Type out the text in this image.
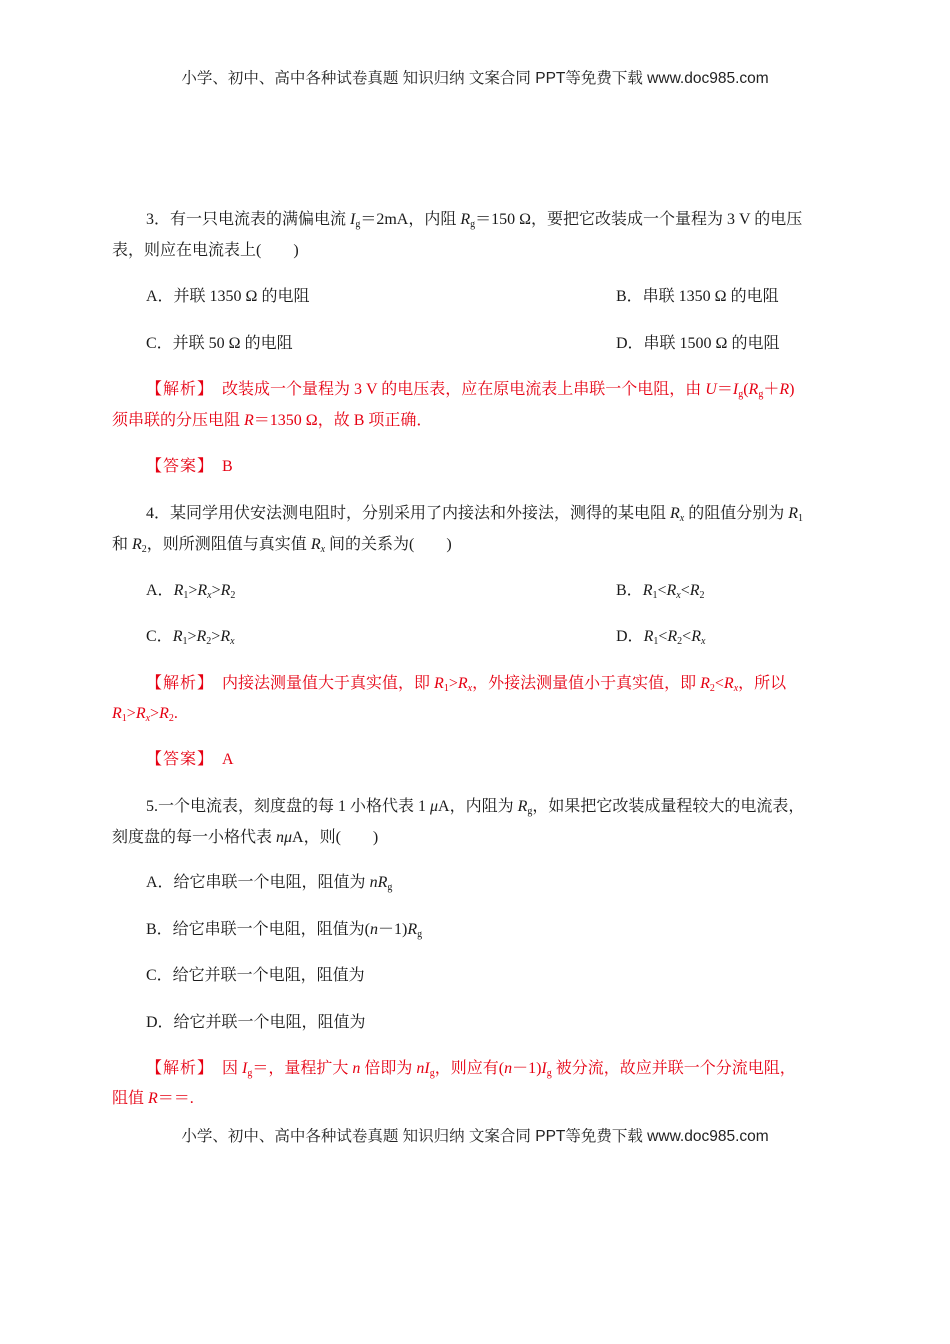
小学、初中、高中各种试卷真题 知识归纳 文案合同 PPT等免费下载 www.doc985.com
3．有一只电流表的满偏电流 $I_g=2mA$，内阻 $R_g=150$ Ω，要把它改装成一个量程为 3 V 的电压
表，则应在电流表上(　　)
A．并联 1350 Ω 的电阻	B．串联 1350 Ω 的电阻
C．并联 50 Ω 的电阻	D．串联 1500 Ω 的电阻
【解析】 改装成一个量程为 3 V 的电压表，应在原电流表上串联一个电阻，由 $U=I_g(R_g+R)$
须串联的分压电阻 R＝1350 Ω，故 B 项正确．
【答案】 B
4．某同学用伏安法测电阻时，分别采用了内接法和外接法，测得的某电阻 $R_x$ 的阻值分别为 $R_1$
和 $R_2$，则所测阻值与真实值 $R_x$ 间的关系为(　　)
A．$R_1>R_x>R_2$	B．$R_1<R_x<R_2$
C．$R_1>R_2>R_x$	D．$R_1<R_2<R_x$
【解析】 内接法测量值大于真实值，即 $R_1>R_x$，外接法测量值小于真实值，即 $R_2<R_x$，所以
$R_1>R_x>R_2$.
【答案】 A
5.一个电流表，刻度盘的每 1 小格代表 1 μA，内阻为 $R_g$，如果把它改装成量程较大的电流表，
刻度盘的每一小格代表 nμA，则(　　)
A．给它串联一个电阻，阻值为 $nR_g$
B．给它串联一个电阻，阻值为$(n-1)R_g$
C．给它并联一个电阻，阻值为
D．给它并联一个电阻，阻值为
【解析】 因 $I_g=$，量程扩大 n 倍即为 $nI_g$，则应有$(n-1)I_g$ 被分流，故应并联一个分流电阻，
阻值 R＝＝.
小学、初中、高中各种试卷真题 知识归纳 文案合同 PPT等免费下载 www.doc985.com
